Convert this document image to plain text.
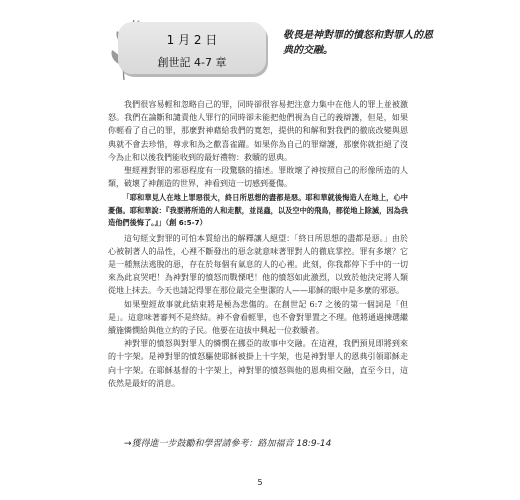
1 月 2 日
創世記 4-7 章
敬畏是神對罪的憤怒和對罪人的恩典的交融。

我們很容易輕和忽略自己的罪，同時卻很容易把注意力集中在他人的罪上並被激怒。我們在論斷和譴責他人罪行的同時卻未能把他們視為自己的義辯護，但是，如果你輕看了自己的罪，那麼對神藉給我們的寬恕，提供的和解和對我們的徹底改變與恩典就不會去珍惜，尊求和為之歡喜雀躍。如果你為自己的罪辯護，那麼你就拒絕了沒今為止和以後我們能收到的最好禮物：救贖的恩典。

聖經裡對罪的邪惡程度有一段驚駭的描述。罪敗壞了神按照自己的形像所造的人類，破壞了神創造的世界，神看到這一切感到憂傷。

「耶和華見人在地上罪惡很大，終日所思想的盡都是惡。耶和華就後悔造人在地上，心中憂傷。耶和華說：『我要將所造的人和走獸，並昆蟲，以及空中的飛鳥，都從地上除滅，因為我造他們後悔了。』」（創 6:5-7）

這句經文對罪的可怕本質給出的解釋讓人絕望：「終日所思想的盡都是惡。」由於心被制著人的品性，心裡不斷發出的惡念就意味著罪對人的徹底掌控。罪有多壞？它是一種無法逃脫的惡，存在於每個有氣息的人的心裡。此刻，你我都停下手中的一切來為此哀哭吧！為神對罪的憤怒而戰慄吧！他的憤怒如此激烈，以致於他決定將人類從地上抹去。今天也請記得罪在那位最完全聖潔的人——耶穌的眼中是多麼的邪惡。

如果聖經故事就此結束將是極為悲傷的。在創世記 6:7 之後的第一個詞是「但是」。這意味著審判不是終結。神不會看輕罪，也不會對罪置之不理。他將通過揀選繼續施憐憫給與他立約的子民。他要在這拔中興起一位救贖者。

神對罪的憤怒與對罪人的憐憫在挪亞的故事中交融。在這裡，我們預見即將到來的十字架。是神對罪的憤怒驅使耶穌被掛上十字架，也是神對罪人的恩典引領耶穌走向十字架。在耶穌基督的十字架上，神對罪的憤怒與他的恩典相交融，直至今日，這依然是最好的消息。

→獲得進一步鼓勵和學習請參考：路加福音 18:9-14
5
